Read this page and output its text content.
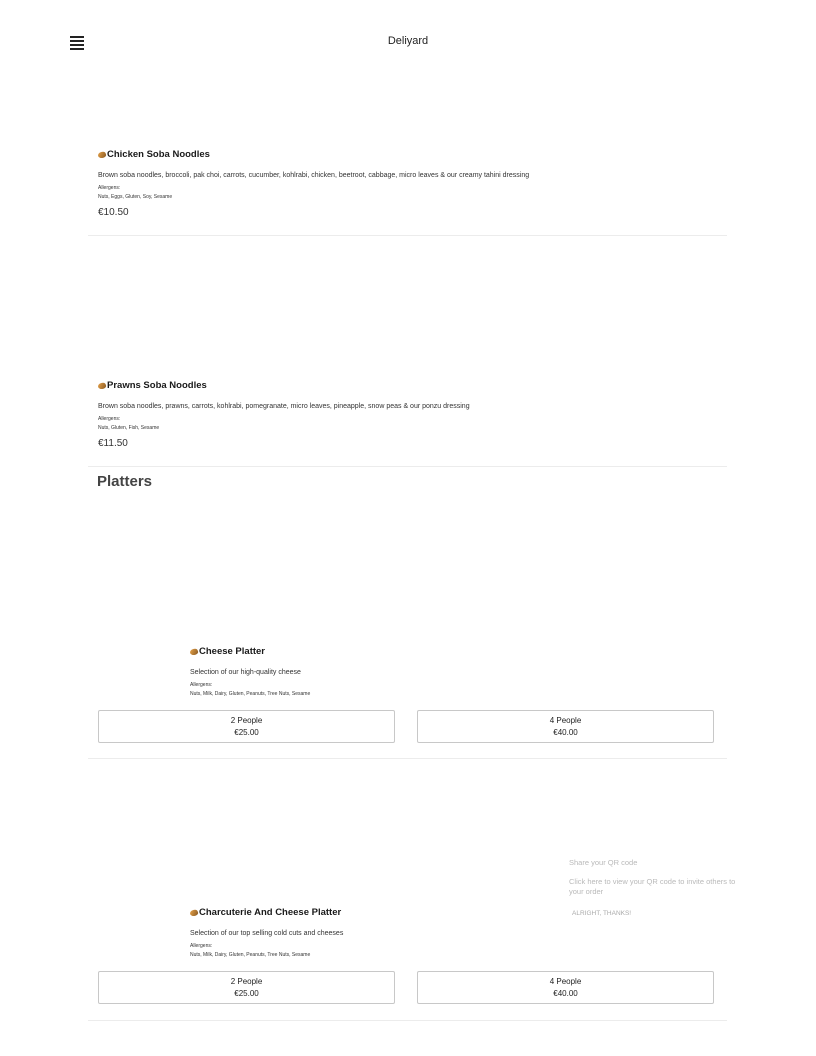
Deliyard
Chicken Soba Noodles
Brown soba noodles, broccoli, pak choi, carrots, cucumber, kohlrabi, chicken, beetroot, cabbage, micro leaves & our creamy tahini dressing
Allergens:
Nuts, Eggs, Gluten, Soy, Sesame
€10.50
Prawns Soba Noodles
Brown soba noodles, prawns, carrots, kohlrabi, pomegranate, micro leaves, pineapple, snow peas & our ponzu dressing
Allergens:
Nuts, Gluten, Fish, Sesame
€11.50
Platters
Cheese Platter
Selection of our high-quality cheese
Allergens:
Nuts, Milk, Dairy, Gluten, Peanuts, Tree Nuts, Sesame
2 People
€25.00
4 People
€40.00
Charcuterie And Cheese Platter
Selection of our top selling cold cuts and cheeses
Allergens:
Nuts, Milk, Dairy, Gluten, Peanuts, Tree Nuts, Sesame
2 People
€25.00
4 People
€40.00
Share your QR code
Click here to view your QR code to invite others to your order
ALRIGHT, THANKS!
